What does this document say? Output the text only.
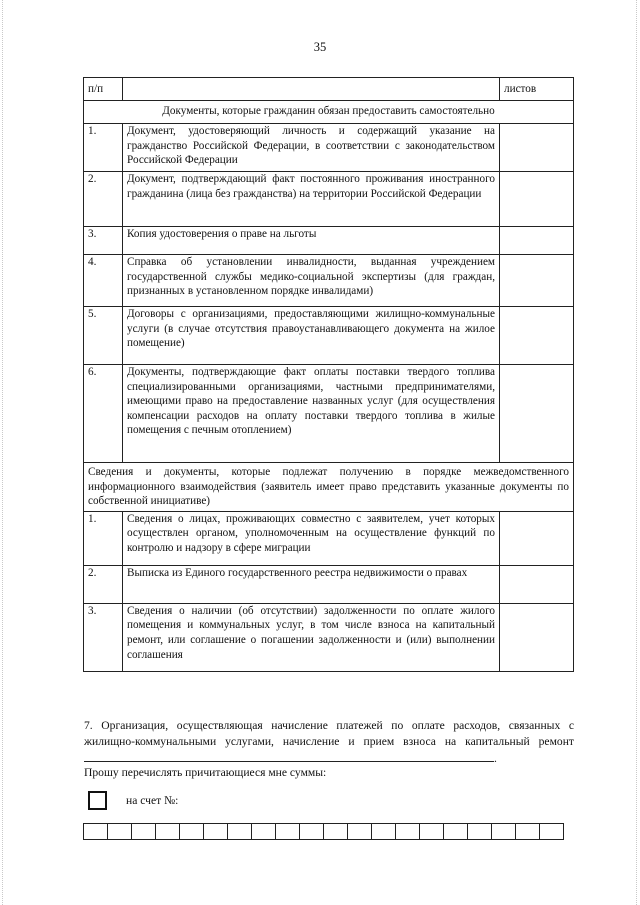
35
п/п		листов
Документы, которые гражданин обязан предоставить самостоятельно		
1.	Документ, удостоверяющий личность и содержащий указание на гражданство Российской Федерации, в соответствии с законодательством Российской Федерации	
2.	Документ, подтверждающий факт постоянного проживания иностранного гражданина (лица без гражданства) на территории Российской Федерации	
3.	Копия удостоверения о праве на льготы	
4.	Справка об установлении инвалидности, выданная учреждением государственной службы медико-социальной экспертизы (для граждан, признанных в установленном порядке инвалидами)	
5.	Договоры с организациями, предоставляющими жилищно-коммунальные услуги (в случае отсутствия правоустанавливающего документа на жилое помещение)	
6.	Документы, подтверждающие факт оплаты поставки твердого топлива специализированными организациями, частными предпринимателями, имеющими право на предоставление названных услуг (для осуществления компенсации расходов на оплату поставки твердого топлива в жилые помещения с печным отоплением)	
Сведения и документы, которые подлежат получению в порядке межведомственного информационного взаимодействия (заявитель имеет право представить указанные документы по собственной инициативе)		
1.	Сведения о лицах, проживающих совместно с заявителем, учет которых осуществлен органом, уполномоченным на осуществление функций по контролю и надзору в сфере миграции	
2.	Выписка из Единого государственного реестра недвижимости о правах	
3.	Сведения о наличии (об отсутствии) задолженности по оплате жилого помещения и коммунальных услуг, в том числе взноса на капитальный ремонт, или соглашение о погашении задолженности и (или) выполнении соглашения	
7. Организация, осуществляющая начисление платежей по оплате расходов, связанных с жилищно-коммунальными услугами, начисление и прием взноса на капитальный ремонт .
Прошу перечислять причитающиеся мне суммы:
на счет №:
